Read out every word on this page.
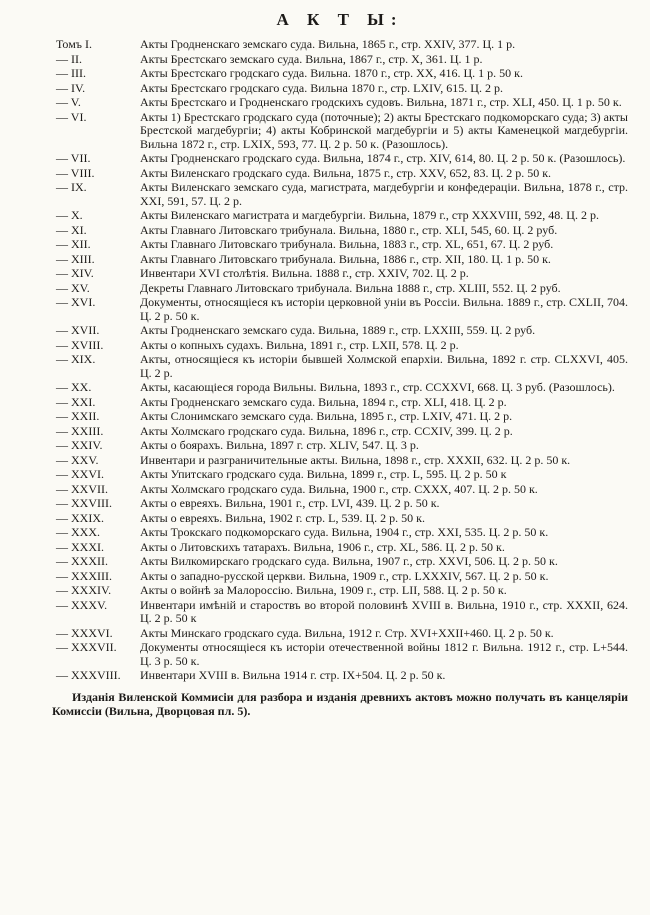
А К Т Ы:
Томъ I.	Акты Гродненскаго земскаго суда. Вильна, 1865 г., стр. XXIV, 377. Ц. 1 р.
— II.	Акты Брестскаго земскаго суда. Вильна, 1867 г., стр. X, 361. Ц. 1 р.
— III.	Акты Брестскаго гродскаго суда. Вильна. 1870 г., стр. XX, 416. Ц. 1 р. 50 к.
— IV.	Акты Брестскаго гродскаго суда. Вильна 1870 г., стр. LXIV, 615. Ц. 2 р.
— V.	Акты Брестскаго и Гродненскаго гродскихъ судовъ. Вильна, 1871 г., стр. XLI, 450. Ц. 1 р. 50 к.
— VI.	Акты 1) Брестскаго гродскаго суда (поточные); 2) акты Брестскаго подкоморскаго суда; 3) акты Брестской магдебургіи; 4) акты Кобринской магдебургіи и 5) акты Каменецкой магдебургіи. Вильна 1872 г., стр. LXIX, 593, 77. Ц. 2 р. 50 к. (Разошлось).
— VII.	Акты Гродненскаго гродскаго суда. Вильна, 1874 г., стр. XIV, 614, 80. Ц. 2 р. 50 к. (Разошлось).
— VIII.	Акты Виленскаго гродскаго суда. Вильна, 1875 г., стр. XXV, 652, 83. Ц. 2 р. 50 к.
— IX.	Акты Виленскаго земскаго суда, магистрата, магдебургіи и конфедераціи. Вильна, 1878 г., стр. XXI, 591, 57. Ц. 2 р.
— X.	Акты Виленскаго магистрата и магдебургіи. Вильна, 1879 г., стр XXXVIII, 592, 48. Ц. 2 р.
— XI.	Акты Главнаго Литовскаго трибунала. Вильна, 1880 г., стр. XLI, 545, 60. Ц. 2 руб.
— XII.	Акты Главнаго Литовскаго трибунала. Вильна, 1883 г., стр. XL, 651, 67. Ц. 2 руб.
— XIII.	Акты Главнаго Литовскаго трибунала. Вильна, 1886 г., стр. XII, 180. Ц. 1 р. 50 к.
— XIV.	Инвентари XVI столѣтія. Вильна. 1888 г., стр. XXIV, 702. Ц. 2 р.
— XV.	Декреты Главнаго Литовскаго трибунала. Вильна 1888 г., стр. XLIII, 552. Ц. 2 руб.
— XVI.	Документы, относящіеся къ исторіи церковной уніи въ Россіи. Вильна. 1889 г., стр. CXLII, 704. Ц. 2 р. 50 к.
— XVII.	Акты Гродненскаго земскаго суда. Вильна, 1889 г., стр. LXXIII, 559. Ц. 2 руб.
— XVIII.	Акты о копныхъ судахъ. Вильна, 1891 г., стр. LXII, 578. Ц. 2 р.
— XIX.	Акты, относящіеся къ исторіи бывшей Холмской епархіи. Вильна, 1892 г. стр. CLXXVI, 405. Ц. 2 р.
— XX.	Акты, касающіеся города Вильны. Вильна, 1893 г., стр. CCXXVI, 668. Ц. 3 руб. (Разошлось).
— XXI.	Акты Гродненскаго земскаго суда. Вильна, 1894 г., стр. XLI, 418. Ц. 2 р.
— XXII.	Акты Слонимскаго земскаго суда. Вильна, 1895 г., стр. LXIV, 471. Ц. 2 р.
— XXIII.	Акты Холмскаго гродскаго суда. Вильна, 1896 г., стр. CCXIV, 399. Ц. 2 р.
— XXIV.	Акты о боярахъ. Вильна, 1897 г. стр. XLIV, 547. Ц. 3 р.
— XXV.	Инвентари и разграничительные акты. Вильна, 1898 г., стр. XXXII, 632. Ц. 2 р. 50 к.
— XXVI.	Акты Упитскаго гродскаго суда. Вильна, 1899 г., стр. L, 595. Ц. 2 р. 50 к
— XXVII.	Акты Холмскаго гродскаго суда. Вильна, 1900 г., стр. CXXX, 407. Ц. 2 р. 50 к.
— XXVIII.	Акты о евреяхъ. Вильна, 1901 г., стр. LVI, 439. Ц. 2 р. 50 к.
— XXIX.	Акты о евреяхъ. Вильна, 1902 г. стр. L, 539. Ц. 2 р. 50 к.
— XXX.	Акты Трокскаго подкоморскаго суда. Вильна, 1904 г., стр. XXI, 535. Ц. 2 р. 50 к.
— XXXI.	Акты о Литовскихъ татарахъ. Вильна, 1906 г., стр. XL, 586. Ц. 2 р. 50 к.
— XXXII.	Акты Вилкомирскаго гродскаго суда. Вильна, 1907 г., стр. XXVI, 506. Ц. 2 р. 50 к.
— XXXIII.	Акты о западно-русской церкви. Вильна, 1909 г., стр. LXXXIV, 567. Ц. 2 р. 50 к.
— XXXIV.	Акты о войнѣ за Малороссію. Вильна, 1909 г., стр. LII, 588. Ц. 2 р. 50 к.
— XXXV.	Инвентари имѣній и староствъ во второй половинѣ XVIII в. Вильна, 1910 г., стр. XXXII, 624. Ц. 2 р. 50 к
— XXXVI.	Акты Минскаго гродскаго суда. Вильна, 1912 г. Стр. XVI+XXII+460. Ц. 2 р. 50 к.
— XXXVII.	Документы относящіеся къ исторіи отечественной войны 1812 г. Вильна. 1912 г., стр. L+544. Ц. 3 р. 50 к.
— XXXVIII.	Инвентари XVIII в. Вильна 1914 г. стр. IX+504. Ц. 2 р. 50 к.

Изданія Виленской Коммисіи для разбора и изданія древнихъ актовъ можно получать въ канцеляріи Комиссіи (Вильна, Дворцовая пл. 5).
